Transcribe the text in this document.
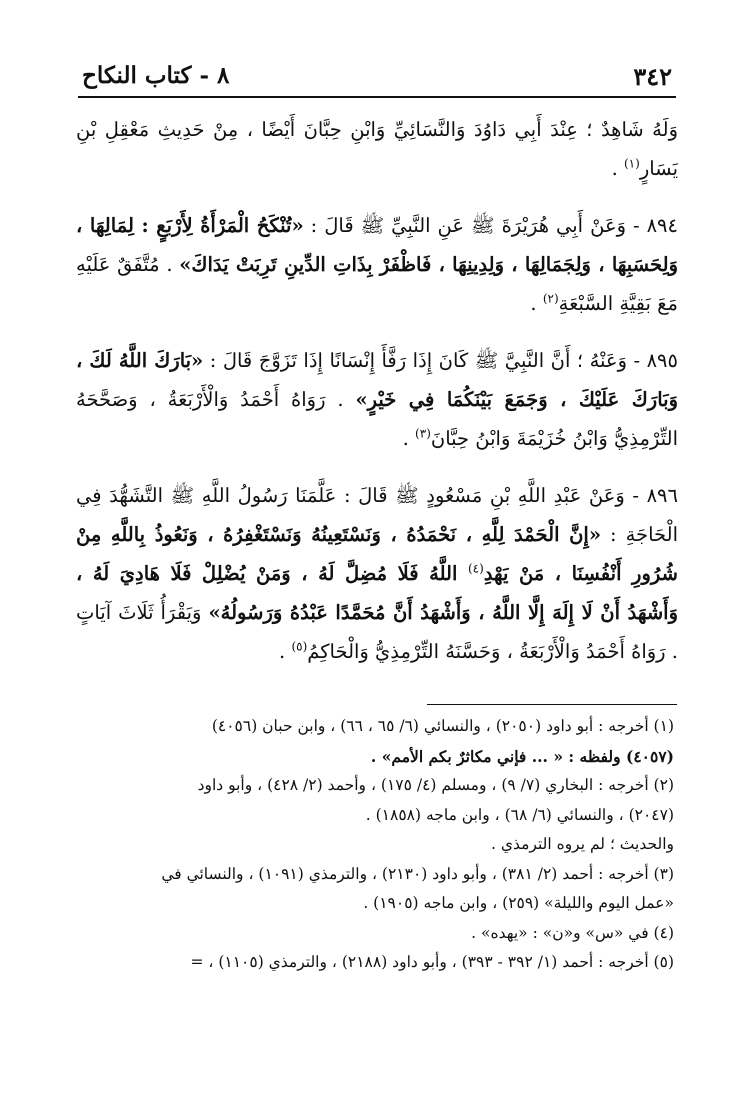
٣٤٢
٨ - كتاب النكاح

وَلَهُ شَاهِدٌ ؛ عِنْدَ أَبِي دَاوُدَ وَالنَّسَائِيِّ وَابْنِ حِبَّانَ أَيْضًا ، مِنْ حَدِيثِ مَعْقِلِ بْنِ يَسَارٍ$^{(١)}$ .

٨٩٤ - وَعَنْ أَبِي هُرَيْرَةَ ﷺ عَنِ النَّبِيِّ ﷺ قَالَ : «تُنْكَحُ الْمَرْأَةُ لِأَرْبَعٍ : لِمَالِهَا ، وَلِحَسَبِهَا ، وَلِجَمَالِهَا ، وَلِدِينِهَا ، فَاظْفَرْ بِذَاتِ الدِّينِ تَرِبَتْ يَدَاكَ» . مُتَّفَقٌ عَلَيْهِ مَعَ بَقِيَّةِ السَّبْعَةِ$^{(٢)}$ .

٨٩٥ - وَعَنْهُ ؛ أَنَّ النَّبِيَّ ﷺ كَانَ إِذَا رَفَّأَ إِنْسَانًا إِذَا تَزَوَّجَ قَالَ : «بَارَكَ اللَّهُ لَكَ ، وَبَارَكَ عَلَيْكَ ، وَجَمَعَ بَيْنَكُمَا فِي خَيْرٍ» . رَوَاهُ أَحْمَدُ وَالْأَرْبَعَةُ ، وَصَحَّحَهُ التِّرْمِذِيُّ وَابْنُ خُزَيْمَةَ وَابْنُ حِبَّانَ$^{(٣)}$ .

٨٩٦ - وَعَنْ عَبْدِ اللَّهِ بْنِ مَسْعُودٍ ﷺ قَالَ : عَلَّمَنَا رَسُولُ اللَّهِ ﷺ التَّشَهُّدَ فِي الْحَاجَةِ : «إِنَّ الْحَمْدَ لِلَّهِ ، نَحْمَدُهُ ، وَنَسْتَعِينُهُ وَنَسْتَغْفِرُهُ ، وَنَعُوذُ بِاللَّهِ مِنْ شُرُورِ أَنْفُسِنَا ، مَنْ يَهْدِ$^{(٤)}$ اللَّهُ فَلَا مُضِلَّ لَهُ ، وَمَنْ يُضْلِلْ فَلَا هَادِيَ لَهُ ، وَأَشْهَدُ أَنْ لَا إِلَهَ إِلَّا اللَّهُ ، وَأَشْهَدُ أَنَّ مُحَمَّدًا عَبْدُهُ وَرَسُولُهُ» وَيَقْرَأُ ثَلَاثَ آيَاتٍ . رَوَاهُ أَحْمَدُ وَالْأَرْبَعَةُ ، وَحَسَّنَهُ التِّرْمِذِيُّ وَالْحَاكِمُ$^{(٥)}$ .

(١) أخرجه : أبو داود (٢٠٥٠) ، والنسائي (٦/ ٦٥ ، ٦٦) ، وابن حبان (٤٠٥٦)

(٤٠٥٧) ولفظه : « ... فإني مكاثرٌ بكم الأمم» .

(٢) أخرجه : البخاري (٧/ ٩) ، ومسلم (٤/ ١٧٥) ، وأحمد (٢/ ٤٢٨) ، وأبو داود

(٢٠٤٧) ، والنسائي (٦/ ٦٨) ، وابن ماجه (١٨٥٨) .

والحديث ؛ لم يروه الترمذي .

(٣) أخرجه : أحمد (٢/ ٣٨١) ، وأبو داود (٢١٣٠) ، والترمذي (١٠٩١) ، والنسائي في

«عمل اليوم والليلة» (٢٥٩) ، وابن ماجه (١٩٠٥) .

(٤) في «س» و«ن» : «يهده» .

(٥) أخرجه : أحمد (١/ ٣٩٢ - ٣٩٣) ، وأبو داود (٢١٨٨) ، والترمذي (١١٠٥) ، =
